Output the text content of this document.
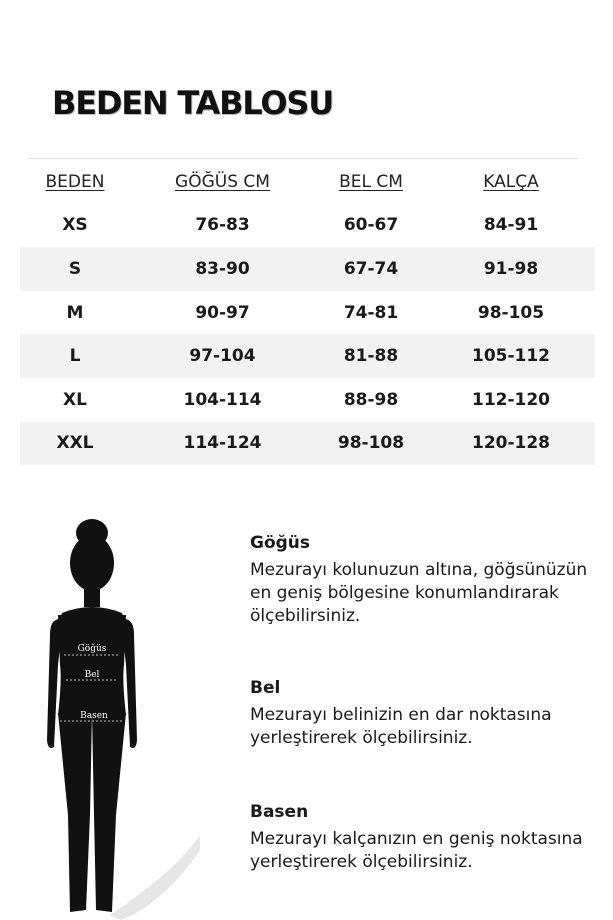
BEDEN TABLOSU
BEDEN	GÖĞÜS CM	BEL CM	KALÇA
XS	76-83	60-67	84-91
S	83-90	67-74	91-98
M	90-97	74-81	98-105
L	97-104	81-88	105-112
XL	104-114	88-98	112-120
XXL	114-124	98-108	120-128
Göğüs
Bel
Basen
Göğüs

Mezurayı kolunuzun altına, göğsünüzün en geniş bölgesine konumlandırarak ölçebilirsiniz.

Bel

Mezurayı belinizin en dar noktasına yerleştirerek ölçebilirsiniz.

Basen

Mezurayı kalçanızın en geniş noktasına yerleştirerek ölçebilirsiniz.
